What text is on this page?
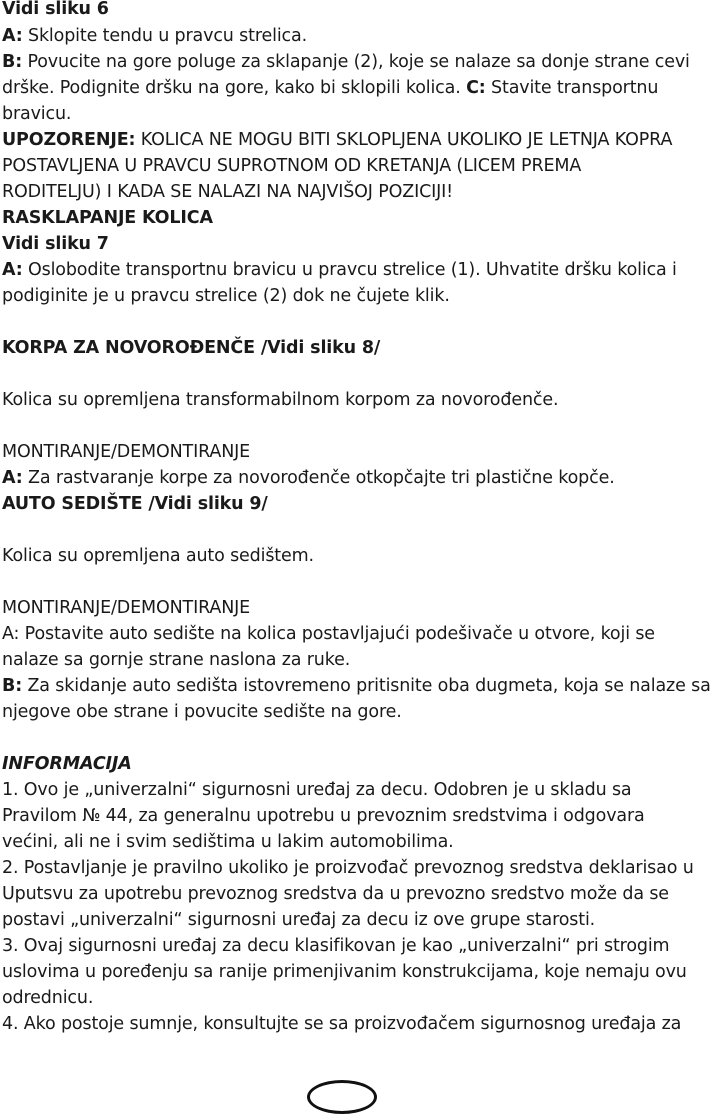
Vidi sliku 6
A: Sklopite tendu u pravcu strelica.
B: Povucite na gore poluge za sklapanje (2), koje se nalaze sa donje strane cevi
drške. Podignite dršku na gore, kako bi sklopili kolica. C: Stavite transportnu
bravicu.
UPOZORENJE: KOLICA NE MOGU BITI SKLOPLJENA UKOLIKO JE LETNJA KOPRA
POSTAVLJENA U PRAVCU SUPROTNOM OD KRETANJA (LICEM PREMA
RODITELJU) I KADA SE NALAZI NA NAJVIŠOJ POZICIJI!
RASKLAPANJE KOLICA
Vidi sliku 7
A: Oslobodite transportnu bravicu u pravcu strelice (1). Uhvatite dršku kolica i
podiginite je u pravcu strelice (2) dok ne čujete klik.
KORPA ZA NOVOROĐENČE /Vidi sliku 8/
Kolica su opremljena transformabilnom korpom za novorođenče.
MONTIRANJE/DEMONTIRANJE
A: Za rastvaranje korpe za novorođenče otkopčajte tri plastične kopče.
AUTO SEDIŠTE /Vidi sliku 9/
Kolica su opremljena auto sedištem.
MONTIRANJE/DEMONTIRANJE
A: Postavite auto sedište na kolica postavljajući podešivače u otvore, koji se
nalaze sa gornje strane naslona za ruke.
B: Za skidanje auto sedišta istovremeno pritisnite oba dugmeta, koja se nalaze sa
njegove obe strane i povucite sedište na gore.
INFORMACIJA
1. Ovo je „univerzalni“ sigurnosni uređaj za decu. Odobren je u skladu sa
Pravilom № 44, za generalnu upotrebu u prevoznim sredstvima i odgovara
većini, ali ne i svim sedištima u lakim automobilima.
2. Postavljanje je pravilno ukoliko je proizvođač prevoznog sredstva deklarisao u
Uputsvu za upotrebu prevoznog sredstva da u prevozno sredstvo može da se
postavi „univerzalni“ sigurnosni uređaj za decu iz ove grupe starosti.
3. Ovaj sigurnosni uređaj za decu klasifikovan je kao „univerzalni“ pri strogim
uslovima u poređenju sa ranije primenjivanim konstrukcijama, koje nemaju ovu
odrednicu.
4. Ako postoje sumnje, konsultujte se sa proizvođačem sigurnosnog uređaja za
